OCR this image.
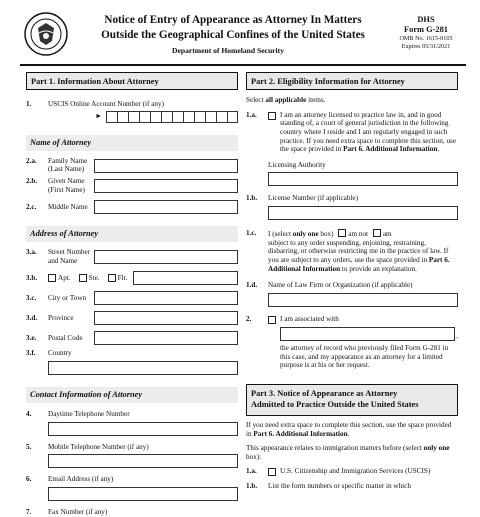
Notice of Entry of Appearance as Attorney In Matters
Outside the Geographical Confines of the United States
Department of Homeland Security
DHS
Form G-281
OMB No. 1615-0105
Expires 05/31/2021
Part 1. Information About Attorney
1.	USCIS Online Account Number (if any)
►
Name of Attorney
2.a.	Family Name (Last Name)
2.b.	Given Name (First Name)
2.c.	Middle Name
Address of Attorney
3.a.	Street Number and Name
3.b.	Apt.	Ste.	Flr.
3.c.	City or Town
3.d.	Province
3.e.	Postal Code
3.f.	Country
Contact Information of Attorney
4.	Daytime Telephone Number
5.	Mobile Telephone Number (if any)
6.	Email Address (if any)
7.	Fax Number (if any)
Part 2. Eligibility Information for Attorney
Select all applicable items.
1.a.	I am an attorney licensed to practice law in, and in good standing of, a court of general jurisdiction in the following country where I reside and I am regularly engaged in such practice. If you need extra space to complete this section, use the space provided in Part 6. Additional Information.
Licensing Authority
1.b.	License Number (if applicable)
1.c.	I (select only one box) am not am
subject to any order suspending, enjoining, restraining, disbarring, or otherwise restricting me in the practice of law. If you are subject to any orders, use the space provided in Part 6. Additional Information to provide an explanation.
1.d.	Name of Law Firm or Organization (if applicable)
2.	I am associated with
,
the attorney of record who previously filed Form G-281 in this case, and my appearance as an attorney for a limited purpose is at his or her request.
Part 3. Notice of Appearance as Attorney
Admitted to Practice Outside the United States
If you need extra space to complete this section, use the space provided in Part 6. Additional Information.
This appearance relates to immigration matters before (select only one box):
1.a.	U.S. Citizenship and Immigration Services (USCIS)
1.b.	List the form numbers or specific matter in which
